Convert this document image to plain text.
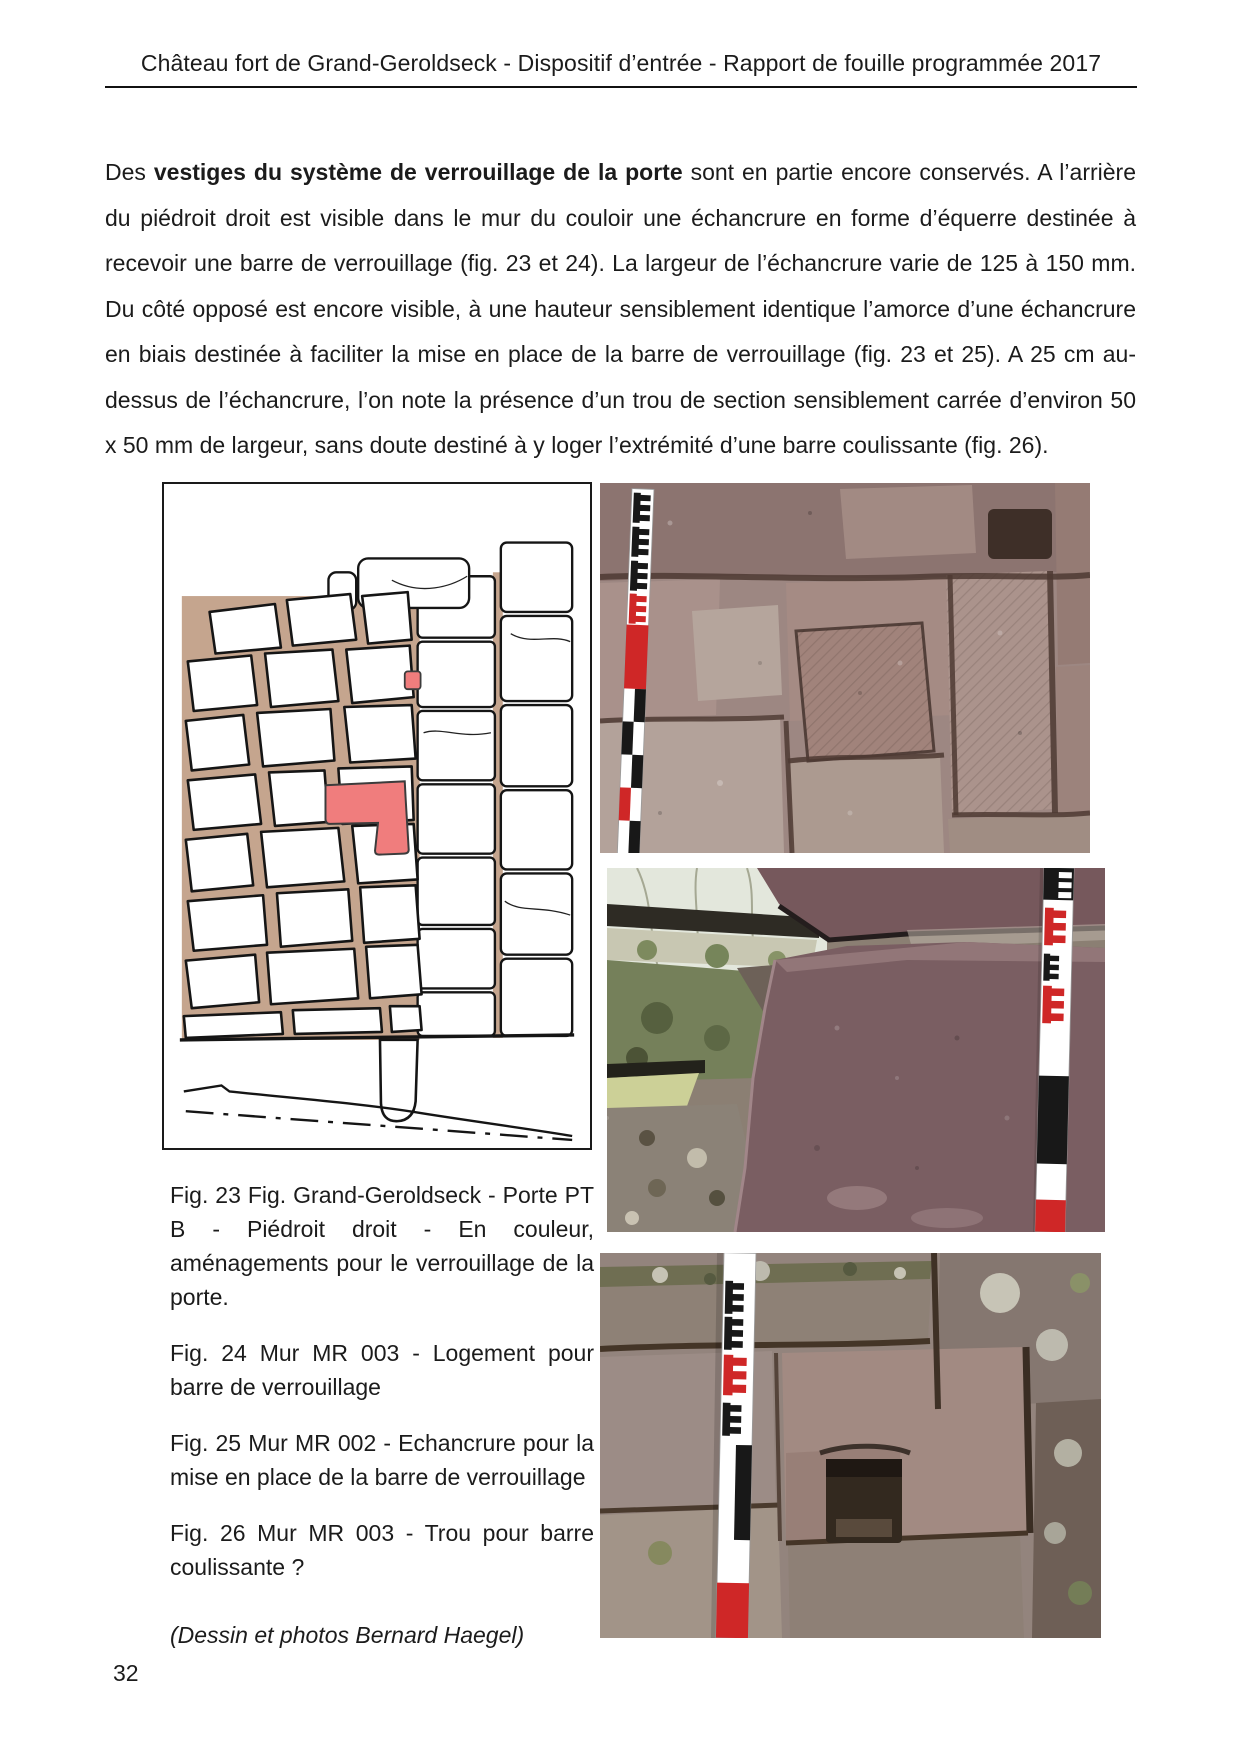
Château fort de Grand-Geroldseck - Dispositif d’entrée - Rapport de fouille programmée 2017
Des vestiges du système de verrouillage de la porte sont en partie encore conservés. A l’arrière du piédroit droit est visible dans le mur du couloir une échancrure en forme d’équerre destinée à recevoir une barre de verrouillage (fig. 23 et 24). La largeur de l’échancrure varie de 125 à 150 mm. Du côté opposé est encore visible, à une hauteur sensiblement identique l’amorce d’une échancrure en biais destinée à faciliter la mise en place de la barre de verrouillage (fig. 23 et 25). A 25 cm au-dessus de l’échancrure, l’on note la présence d’un trou de section sensiblement carrée d’environ 50 x 50 mm de largeur, sans doute destiné à y loger l’extrémité d’une barre coulissante (fig. 26).

Fig. 23 Fig. Grand-Geroldseck - Porte PT B - Piédroit droit - En couleur, aménagements pour le verrouillage de la porte.

Fig. 24 Mur MR 003 - Logement pour barre de verrouillage

Fig. 25 Mur MR 002 - Echancrure pour la mise en place de la barre de verrouillage

Fig. 26 Mur MR 003 - Trou pour barre coulissante ?

(Dessin et photos Bernard Haegel)

32
